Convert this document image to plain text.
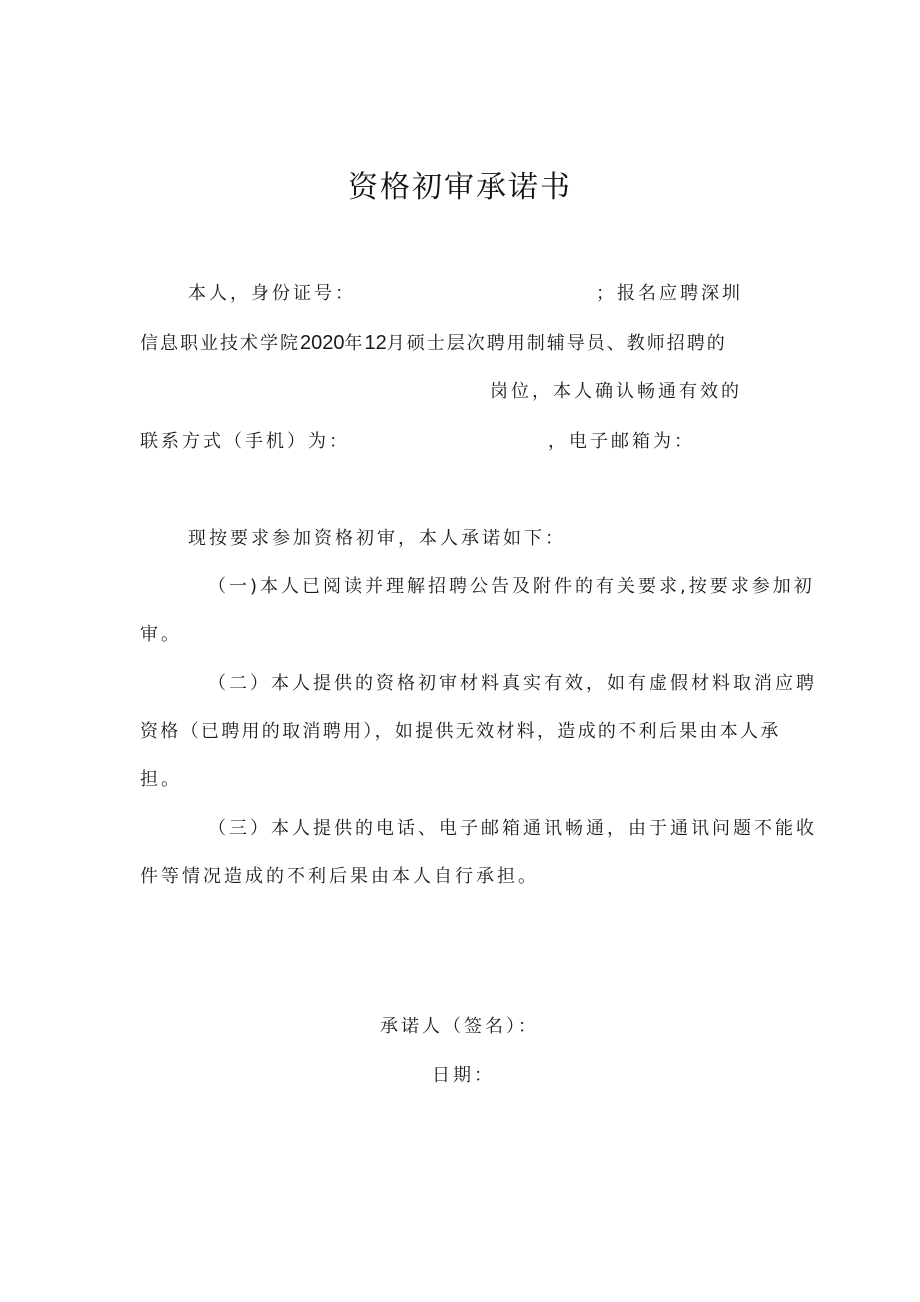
资格初审承诺书
本人，身份证号：	；报名应聘深圳
信息职业技术学院2020年12月硕士层次聘用制辅导员、教师招聘的
岗位，本人确认畅通有效的
联系方式（手机）为：	，电子邮箱为：
现按要求参加资格初审，本人承诺如下：
（一)本人已阅读并理解招聘公告及附件的有关要求,按要求参加初
审。
（二）本人提供的资格初审材料真实有效，如有虚假材料取消应聘
资格（已聘用的取消聘用），如提供无效材料，造成的不利后果由本人承
担。
（三）本人提供的电话、电子邮箱通讯畅通，由于通讯问题不能收
件等情况造成的不利后果由本人自行承担。
承诺人（签名）：
日期：
